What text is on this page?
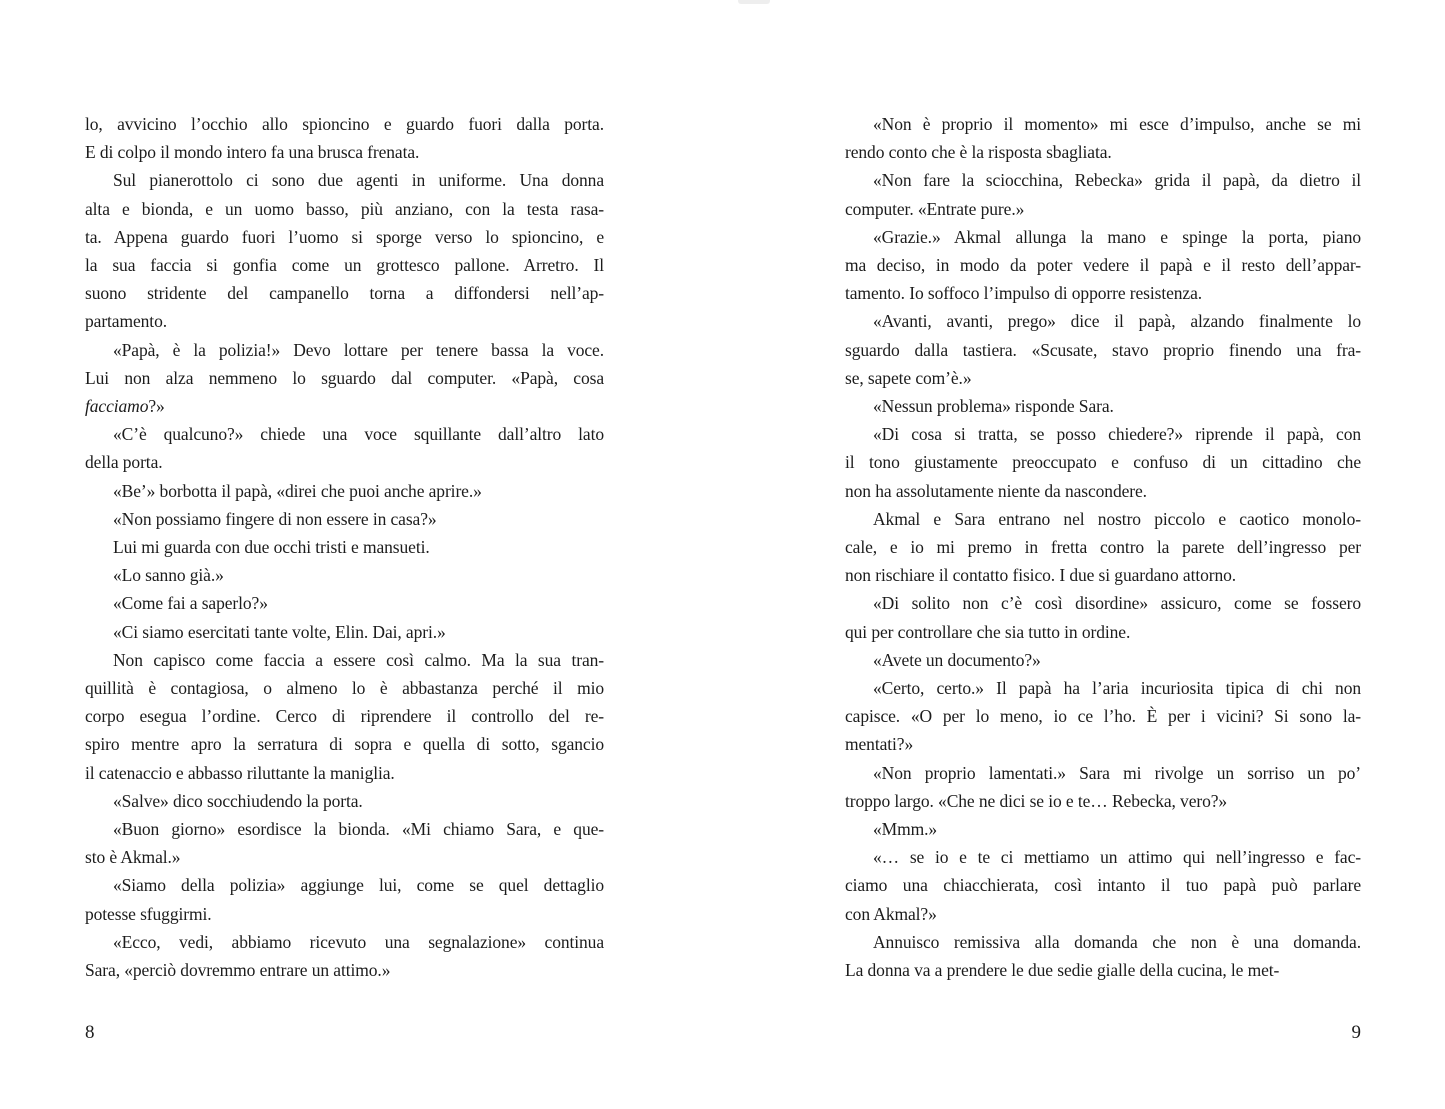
lo, avvicino l’occhio allo spioncino e guardo fuori dalla porta.
E di colpo il mondo intero fa una brusca frenata.
Sul pianerottolo ci sono due agenti in uniforme. Una donna
alta e bionda, e un uomo basso, più anziano, con la testa rasa-
ta. Appena guardo fuori l’uomo si sporge verso lo spioncino, e
la sua faccia si gonfia come un grottesco pallone. Arretro. Il
suono stridente del campanello torna a diffondersi nell’ap-
partamento.
«Papà, è la polizia!» Devo lottare per tenere bassa la voce.
Lui non alza nemmeno lo sguardo dal computer. «Papà, cosa
facciamo?»
«C’è qualcuno?» chiede una voce squillante dall’altro lato
della porta.
«Be’» borbotta il papà, «direi che puoi anche aprire.»
«Non possiamo fingere di non essere in casa?»
Lui mi guarda con due occhi tristi e mansueti.
«Lo sanno già.»
«Come fai a saperlo?»
«Ci siamo esercitati tante volte, Elin. Dai, apri.»
Non capisco come faccia a essere così calmo. Ma la sua tran-
quillità è contagiosa, o almeno lo è abbastanza perché il mio
corpo esegua l’ordine. Cerco di riprendere il controllo del re-
spiro mentre apro la serratura di sopra e quella di sotto, sgancio
il catenaccio e abbasso riluttante la maniglia.
«Salve» dico socchiudendo la porta.
«Buon giorno» esordisce la bionda. «Mi chiamo Sara, e que-
sto è Akmal.»
«Siamo della polizia» aggiunge lui, come se quel dettaglio
potesse sfuggirmi.
«Ecco, vedi, abbiamo ricevuto una segnalazione» continua
Sara, «perciò dovremmo entrare un attimo.»
«Non è proprio il momento» mi esce d’impulso, anche se mi
rendo conto che è la risposta sbagliata.
«Non fare la sciocchina, Rebecka» grida il papà, da dietro il
computer. «Entrate pure.»
«Grazie.» Akmal allunga la mano e spinge la porta, piano
ma deciso, in modo da poter vedere il papà e il resto dell’appar-
tamento. Io soffoco l’impulso di opporre resistenza.
«Avanti, avanti, prego» dice il papà, alzando finalmente lo
sguardo dalla tastiera. «Scusate, stavo proprio finendo una fra-
se, sapete com’è.»
«Nessun problema» risponde Sara.
«Di cosa si tratta, se posso chiedere?» riprende il papà, con
il tono giustamente preoccupato e confuso di un cittadino che
non ha assolutamente niente da nascondere.
Akmal e Sara entrano nel nostro piccolo e caotico monolo-
cale, e io mi premo in fretta contro la parete dell’ingresso per
non rischiare il contatto fisico. I due si guardano attorno.
«Di solito non c’è così disordine» assicuro, come se fossero
qui per controllare che sia tutto in ordine.
«Avete un documento?»
«Certo, certo.» Il papà ha l’aria incuriosita tipica di chi non
capisce. «O per lo meno, io ce l’ho. È per i vicini? Si sono la-
mentati?»
«Non proprio lamentati.» Sara mi rivolge un sorriso un po’
troppo largo. «Che ne dici se io e te… Rebecka, vero?»
«Mmm.»
«… se io e te ci mettiamo un attimo qui nell’ingresso e fac-
ciamo una chiacchierata, così intanto il tuo papà può parlare
con Akmal?»
Annuisco remissiva alla domanda che non è una domanda.
La donna va a prendere le due sedie gialle della cucina, le met-
8	9
